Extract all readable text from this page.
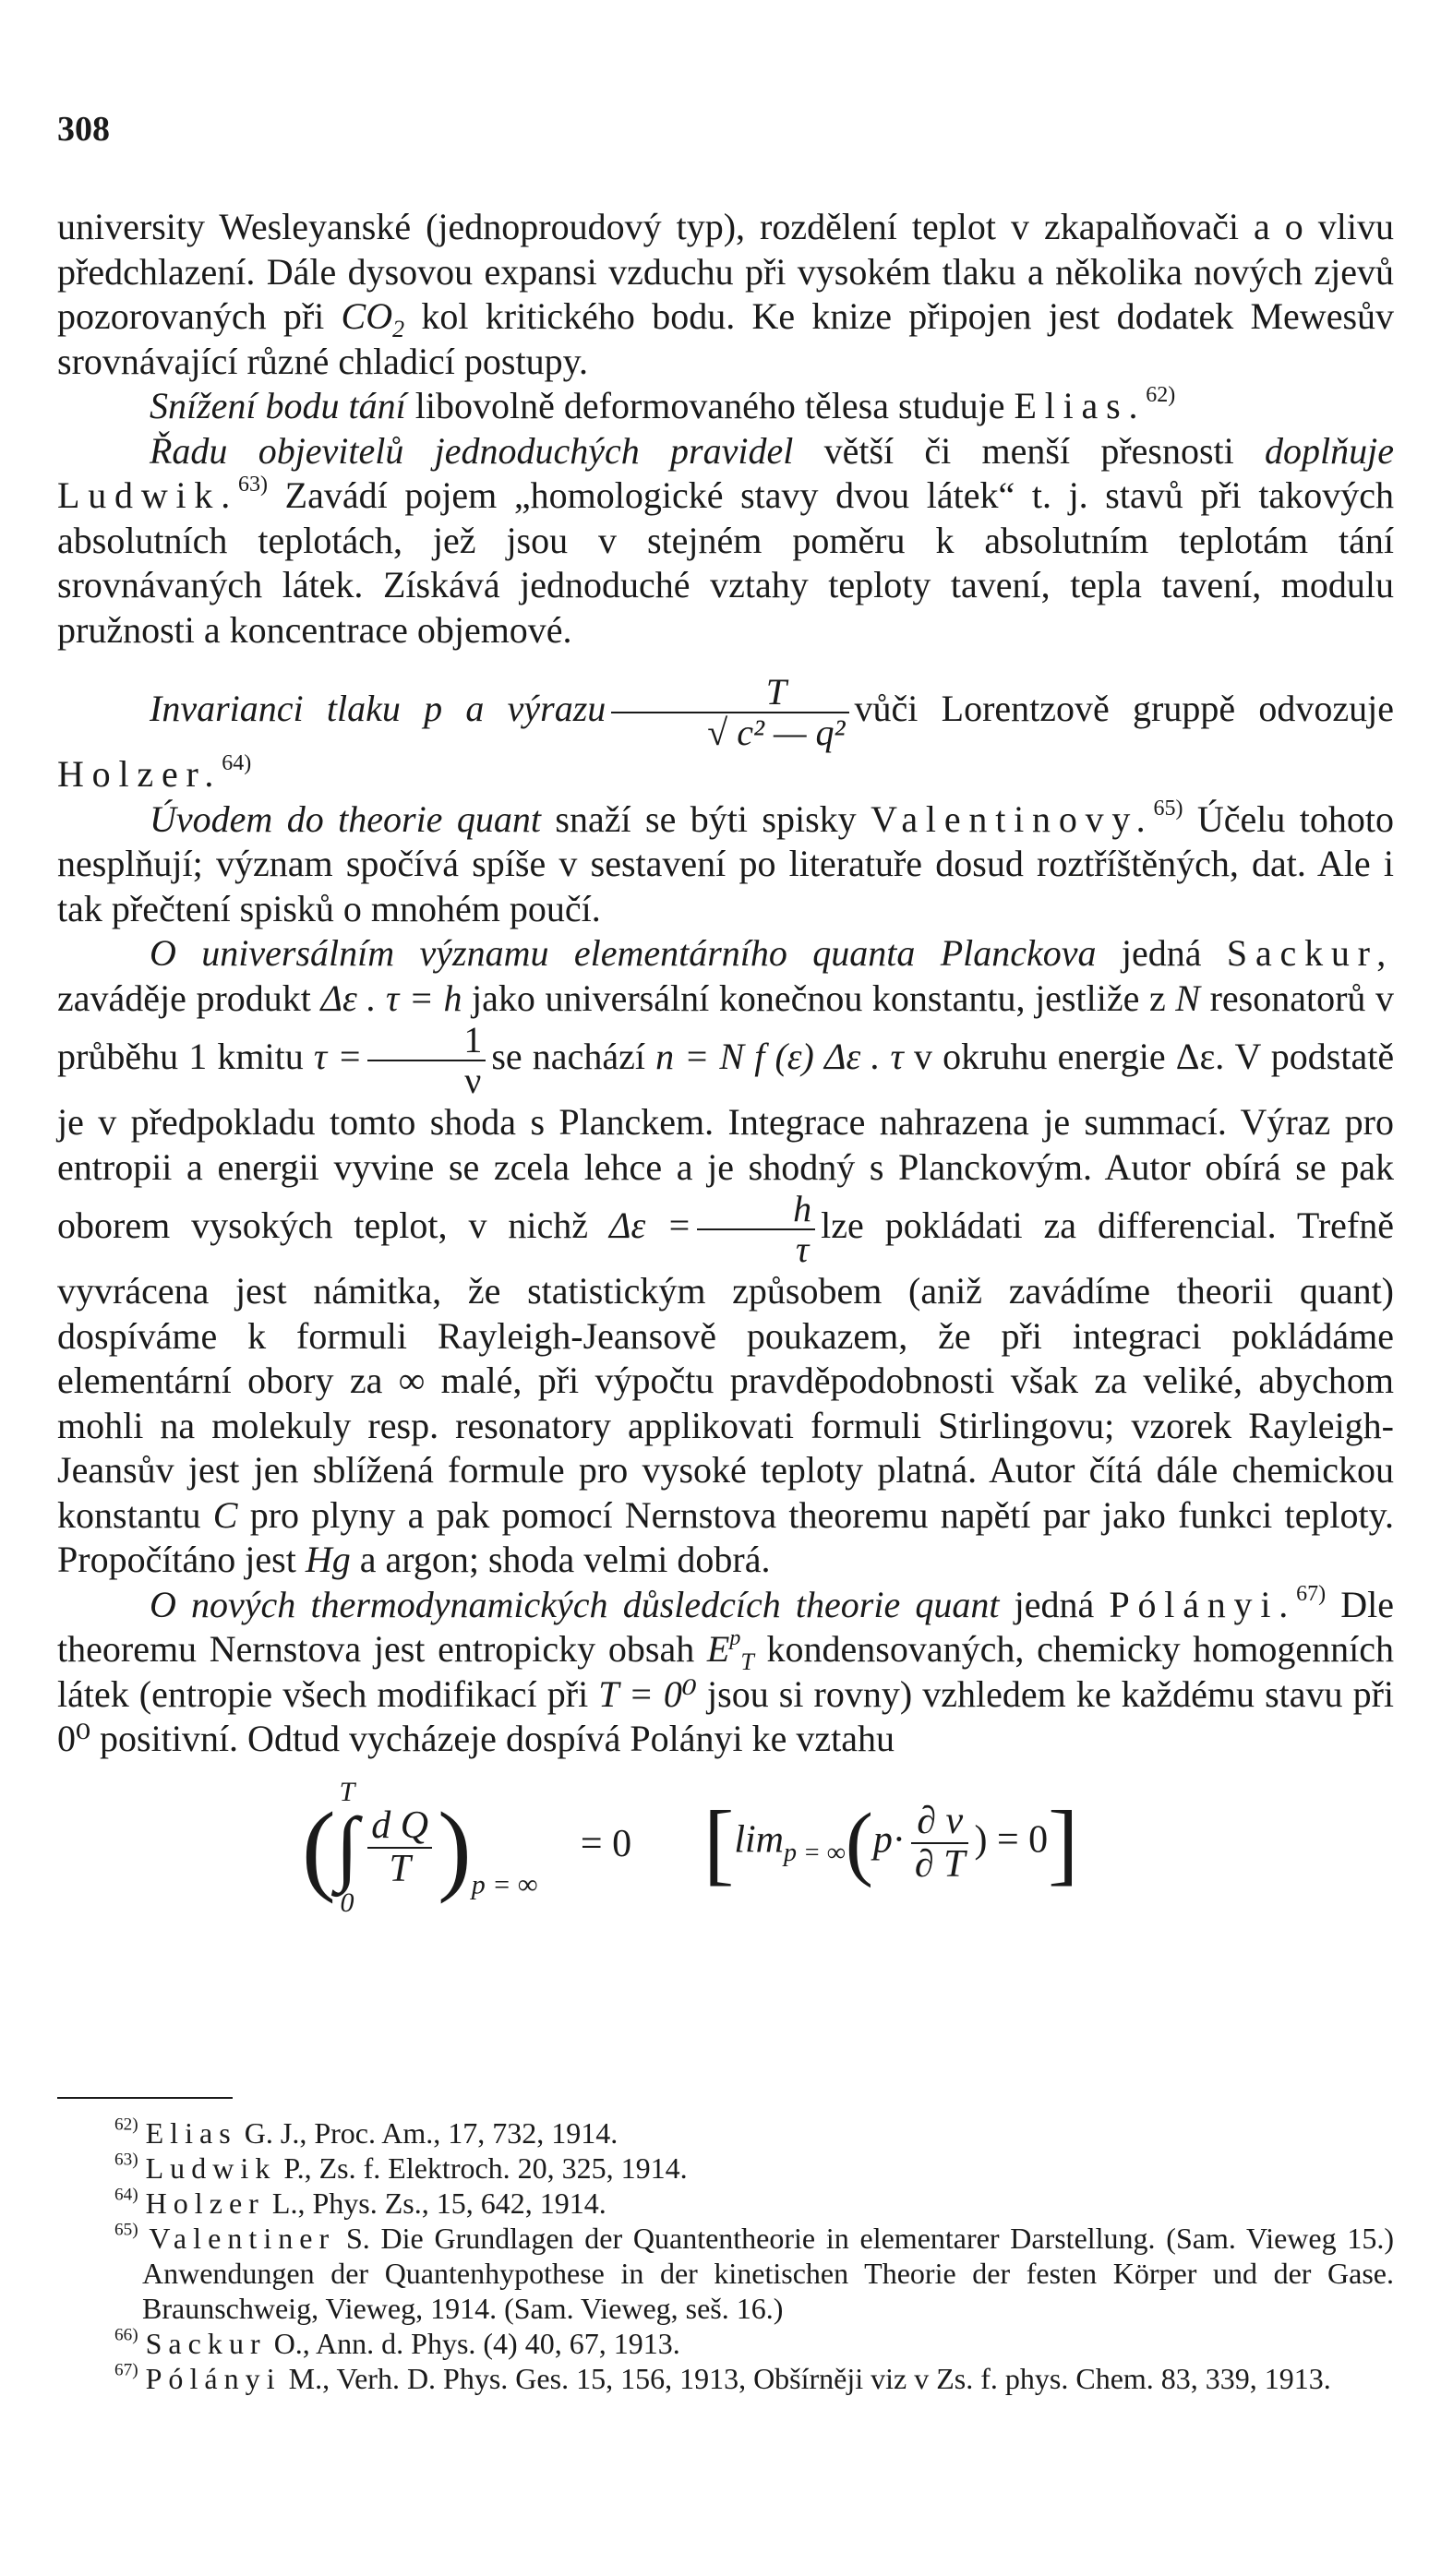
308

university Wesleyanské (jednoproudový typ), rozdělení teplot v zkapalňovači a o vlivu předchlazení. Dále dysovou expansi vzduchu při vysokém tlaku a několika nových zjevů pozorovaných při $CO_2$ kol kritického bodu. Ke knize připojen jest dodatek Mewesův srovnávající různé chladicí postupy.

Snížení bodu tání libovolně deformovaného tělesa studuje Elias.$^{62)}$

Řadu objevitelů jednoduchých pravidel větší či menší přesnosti doplňuje Ludwik.$^{63)}$ Zavádí pojem „homologické stavy dvou látek“ t. j. stavů při takových absolutních teplotách, jež jsou v stejném poměru k absolutním teplotám tání srovnávaných látek. Získává jednoduché vztahy teploty tavení, tepla tavení, modulu pružnosti a koncentrace objemové.

Invarianci tlaku p a výrazu $\frac{T}{\text{√ c² — q²}}$ vůči Lorentzově gruppě odvozuje Holzer.$^{64)}$

Úvodem do theorie quant snaží se býti spisky Valentinovy.$^{65)}$ Účelu tohoto nesplňují; význam spočívá spíše v sestavení po literatuře dosud roztříštěných, dat. Ale i tak přečtení spisků o mnohém poučí.

O universálním významu elementárního quanta Planckova jedná Sackur, zaváděje produkt Δε . τ = h jako universální konečnou konstantu, jestliže z N resonatorů v průběhu 1 kmitu $\tau = \frac{1}{\nu}$ se nachází n = N f (ε) Δε . τ v okruhu energie Δε. V podstatě je v předpokladu tomto shoda s Planckem. Integrace nahrazena je summací. Výraz pro entropii a energii vyvine se zcela lehce a je shodný s Planckovým. Autor obírá se pak oborem vysokých teplot, v nichž $\Delta\varepsilon = \frac{h}{\tau}$ lze pokládati za differencial. Trefně vyvrácena jest námitka, že statistickým způsobem (aniž zavádíme theorii quant) dospíváme k formuli Rayleigh-Jeansově poukazem, že při integraci pokládáme elementární obory za ∞ malé, při výpočtu pravděpodobnosti však za veliké, abychom mohli na molekuly resp. resonatory applikovati formuli Stirlingovu; vzorek Rayleigh-Jeansův jest jen sblížená formule pro vysoké teploty platná. Autor čítá dále chemickou konstantu C pro plyny a pak pomocí Nernstova theoremu napětí par jako funkci teploty. Propočítáno jest Hg a argon; shoda velmi dobrá.

O nových thermodynamických důsledcích theorie quant jedná Pólányi.$^{67)}$ Dle theoremu Nernstova jest entropicky obsah $E^p_T$ kondensovaných, chemicky homogenních látek (entropie všech modifikací při T = 0⁰ jsou si rovny) vzhledem ke každému stavu při 0⁰ positivní. Odtud vycházeje dospívá Polányi ke vztahu

( T
∫
0
$\frac{\text{d Q}}{T} )_{p = \infty} = 0$ [$\lim_{p = \infty}(p\cdot \frac{\partial v}{\partial T}$ ) = 0]

$^{62)}$ Elias G. J., Proc. Am., 17, 732, 1914.

$^{63)}$ Ludwik P., Zs. f. Elektroch. 20, 325, 1914.

$^{64)}$ Holzer L., Phys. Zs., 15, 642, 1914.

$^{65)}$ Valentiner S. Die Grundlagen der Quantentheorie in elementarer Darstellung. (Sam. Vieweg 15.) Anwendungen der Quantenhypothese in der kinetischen Theorie der festen Körper und der Gase. Braunschweig, Vieweg, 1914. (Sam. Vieweg, seš. 16.)

$^{66)}$ Sackur O., Ann. d. Phys. (4) 40, 67, 1913.

$^{67)}$ Pólányi M., Verh. D. Phys. Ges. 15, 156, 1913, Obšírněji viz v Zs. f. phys. Chem. 83, 339, 1913.
